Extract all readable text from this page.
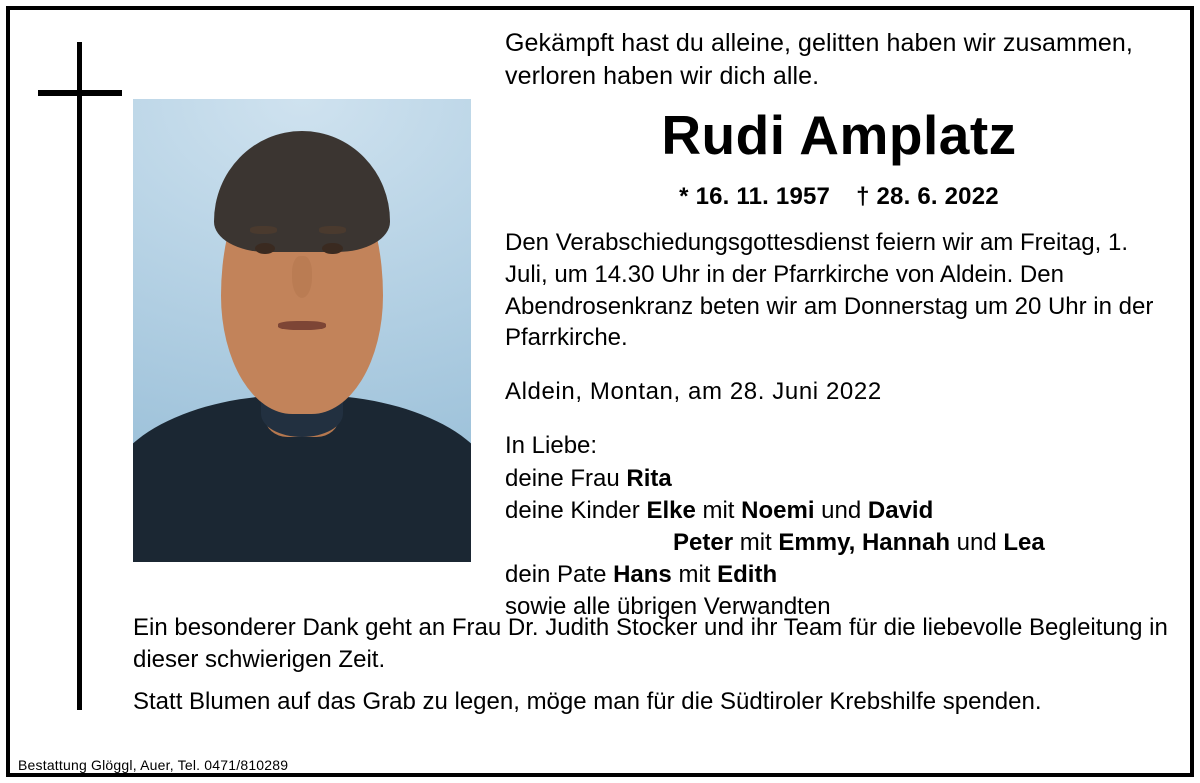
Gekämpft hast du alleine, gelitten haben wir zusammen, verloren haben wir dich alle.
Rudi Amplatz
* 16. 11. 1957 † 28. 6. 2022
Den Verabschiedungsgottesdienst feiern wir am Freitag, 1. Juli, um 14.30 Uhr in der Pfarrkirche von Aldein. Den Abendrosenkranz beten wir am Donnerstag um 20 Uhr in der Pfarrkirche.
Aldein, Montan, am 28. Juni 2022
In Liebe:
deine Frau Rita
deine Kinder Elke mit Noemi und David
Peter mit Emmy, Hannah und Lea
dein Pate Hans mit Edith
sowie alle übrigen Verwandten

Ein besonderer Dank geht an Frau Dr. Judith Stocker und ihr Team für die liebevolle Begleitung in dieser schwierigen Zeit.

Statt Blumen auf das Grab zu legen, möge man für die Südtiroler Krebshilfe spenden.

Bestattung Glöggl, Auer, Tel. 0471/810289
